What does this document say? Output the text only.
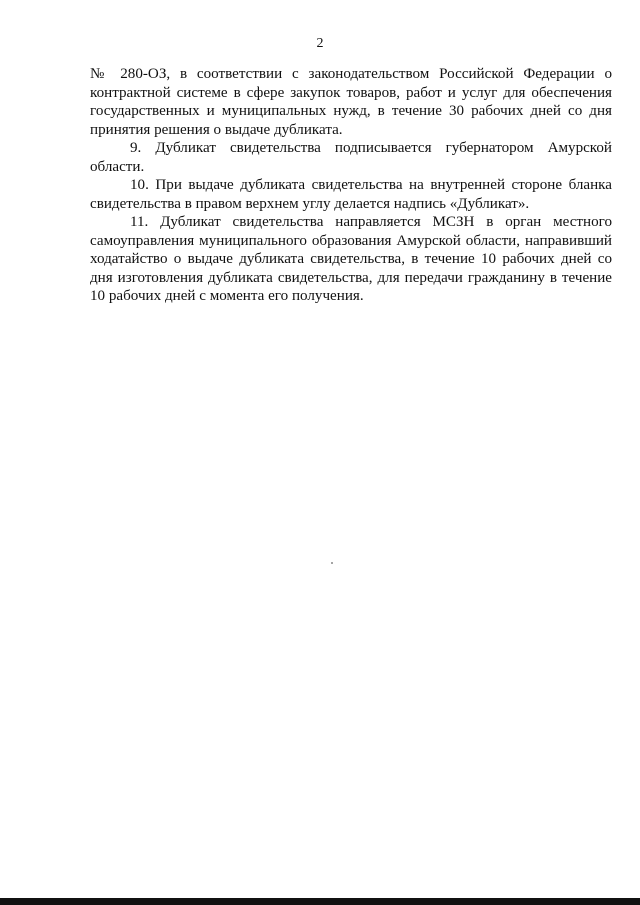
2

№ 280-ОЗ, в соответствии с законодательством Российской Федерации о контрактной системе в сфере закупок товаров, работ и услуг для обеспечения государственных и муниципальных нужд, в течение 30 рабочих дней со дня принятия решения о выдаче дубликата.

9. Дубликат свидетельства подписывается губернатором Амурской области.

10. При выдаче дубликата свидетельства на внутренней стороне бланка свидетельства в правом верхнем углу делается надпись «Дубликат».

11. Дубликат свидетельства направляется МСЗН в орган местного самоуправления муниципального образования Амурской области, направивший ходатайство о выдаче дубликата свидетельства, в течение 10 рабочих дней со дня изготовления дубликата свидетельства, для передачи гражданину в течение 10 рабочих дней с момента его получения.
